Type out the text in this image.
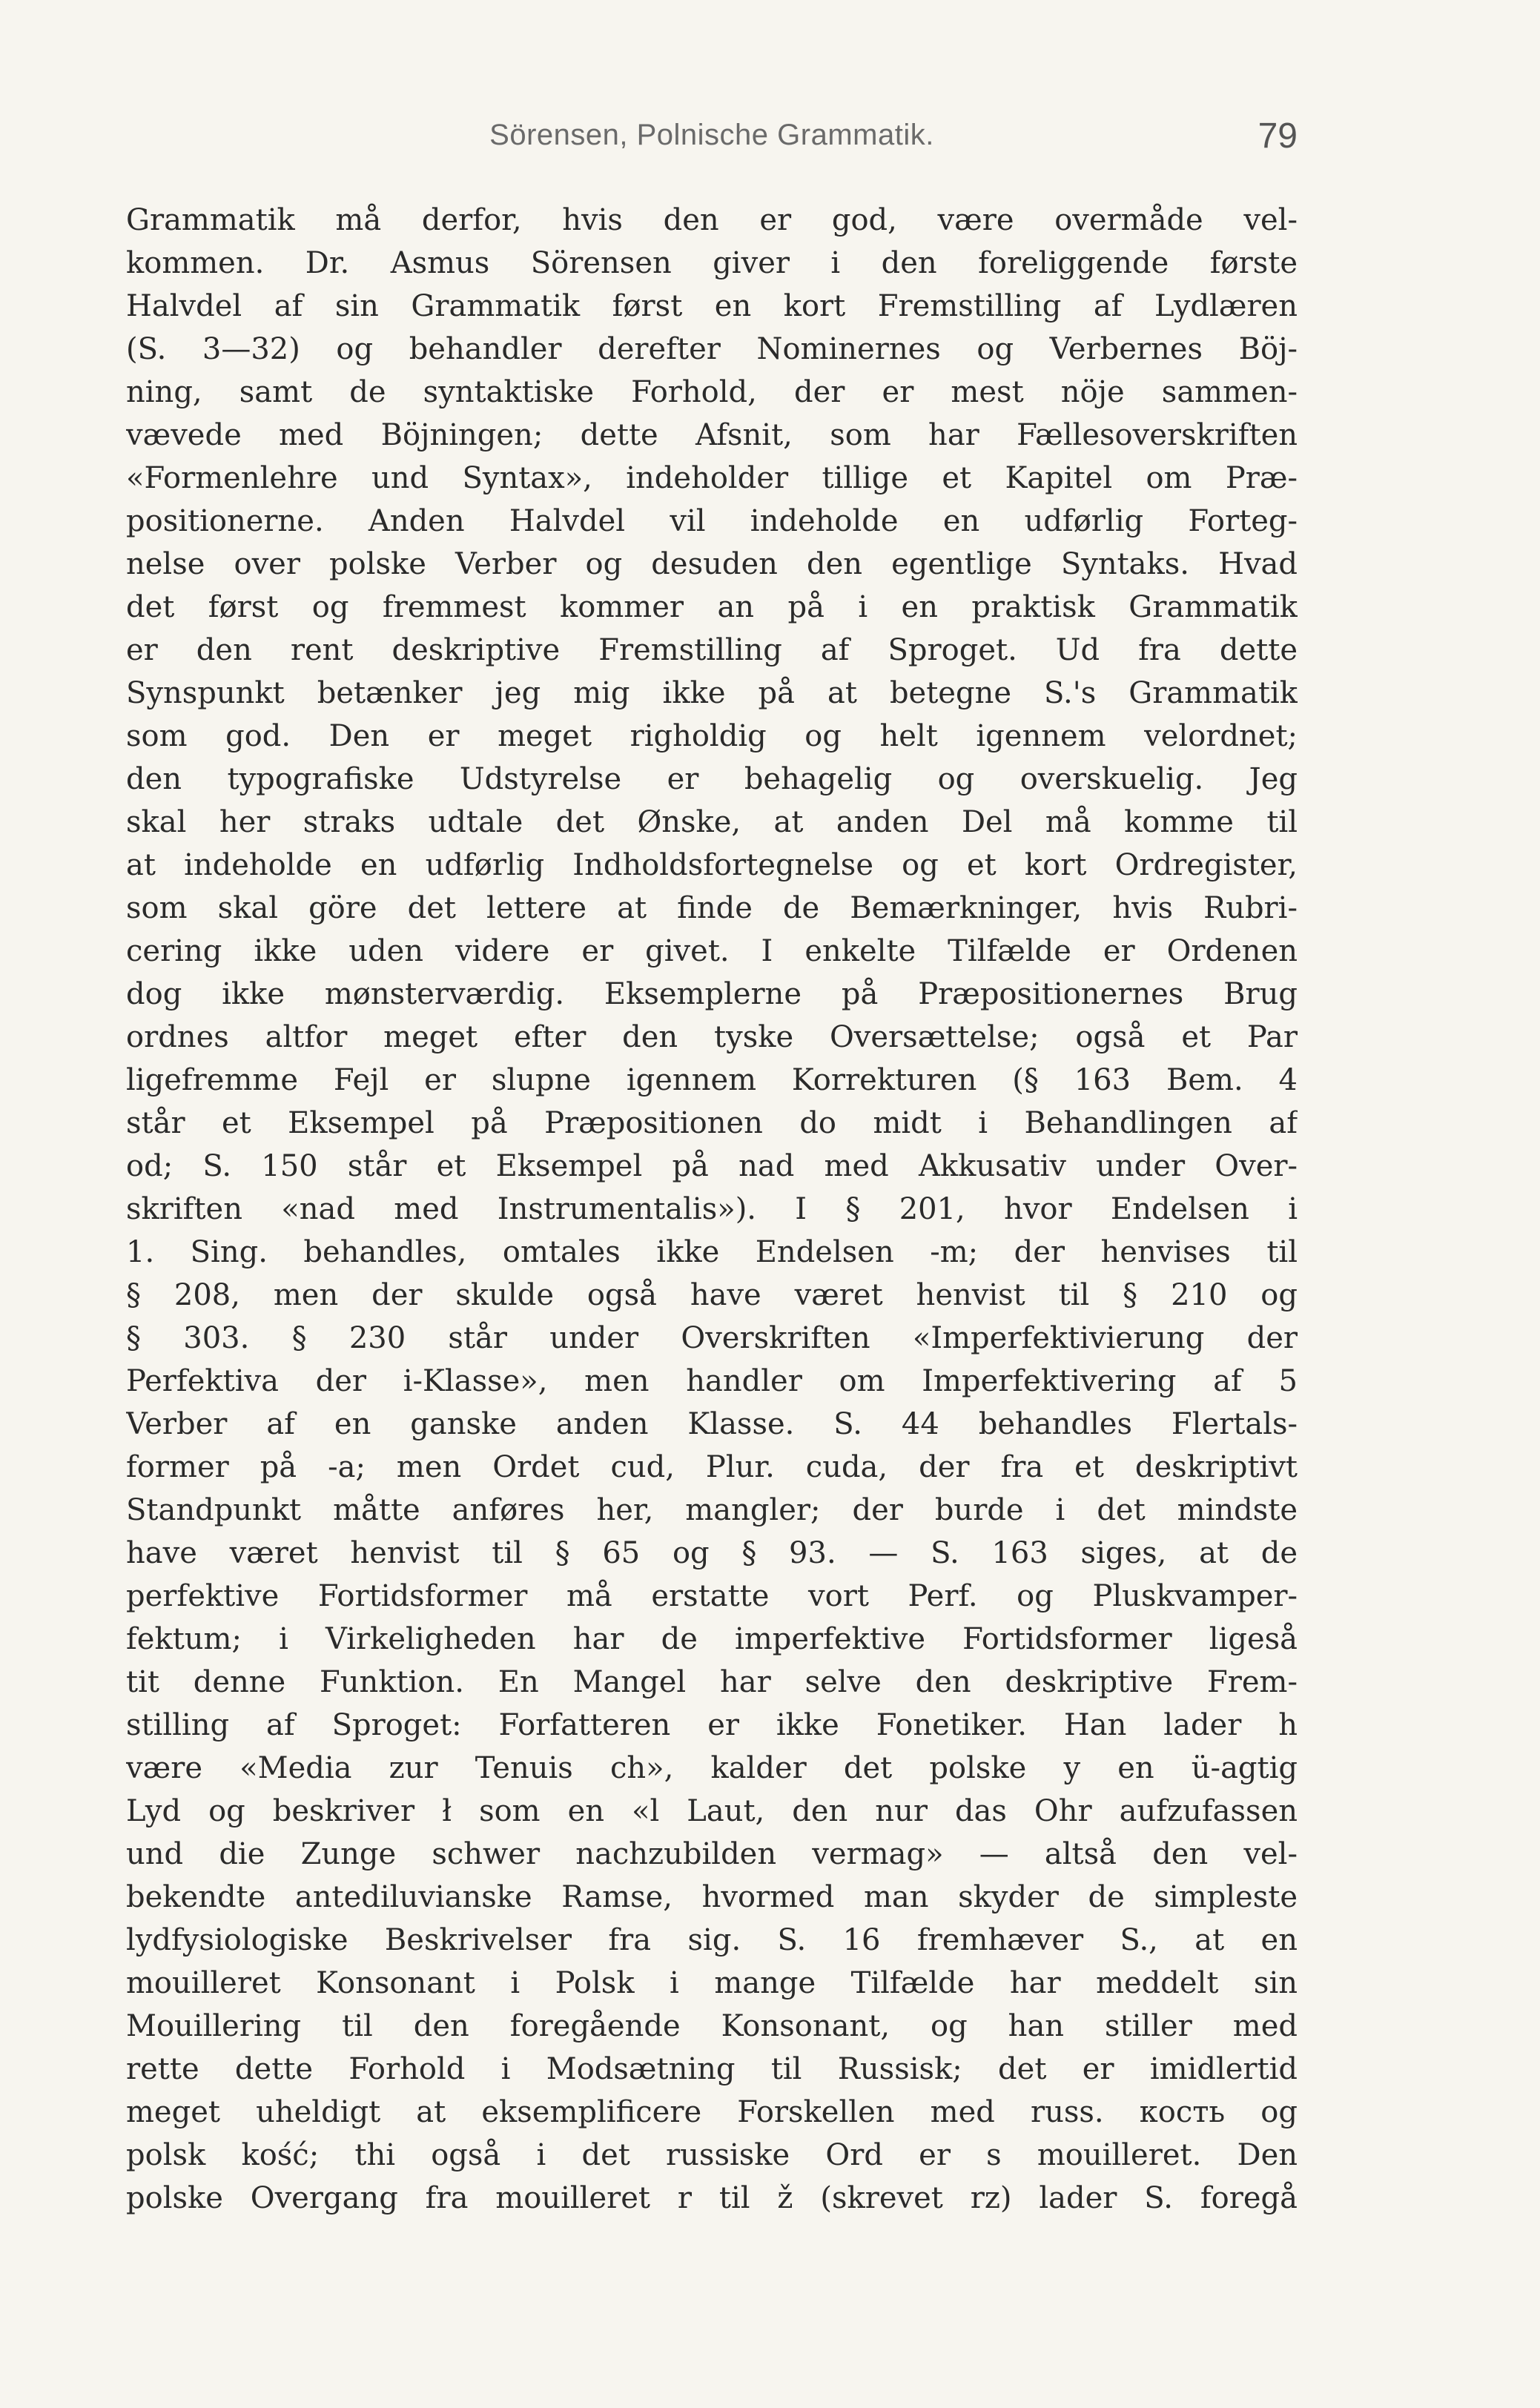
Sörensen, Polnische Grammatik.	79
Grammatik må derfor, hvis den er god, være overmåde vel-
kommen. Dr. Asmus Sörensen giver i den foreliggende første
Halvdel af sin Grammatik først en kort Fremstilling af Lydlæren
(S. 3—32) og behandler derefter Nominernes og Verbernes Böj-
ning, samt de syntaktiske Forhold, der er mest nöje sammen-
vævede med Böjningen; dette Afsnit, som har Fællesoverskriften
«Formenlehre und Syntax», indeholder tillige et Kapitel om Præ-
positionerne. Anden Halvdel vil indeholde en udførlig Forteg-
nelse over polske Verber og desuden den egentlige Syntaks. Hvad
det først og fremmest kommer an på i en praktisk Grammatik
er den rent deskriptive Fremstilling af Sproget. Ud fra dette
Synspunkt betænker jeg mig ikke på at betegne S.'s Grammatik
som god. Den er meget righoldig og helt igennem velordnet;
den typografiske Udstyrelse er behagelig og overskuelig. Jeg
skal her straks udtale det Ønske, at anden Del må komme til
at indeholde en udførlig Indholdsfortegnelse og et kort Ordregister,
som skal göre det lettere at finde de Bemærkninger, hvis Rubri-
cering ikke uden videre er givet. I enkelte Tilfælde er Ordenen
dog ikke mønsterværdig. Eksemplerne på Præpositionernes Brug
ordnes altfor meget efter den tyske Oversættelse; også et Par
ligefremme Fejl er slupne igennem Korrekturen (§ 163 Bem. 4
står et Eksempel på Præpositionen do midt i Behandlingen af
od; S. 150 står et Eksempel på nad med Akkusativ under Over-
skriften «nad med Instrumentalis»). I § 201, hvor Endelsen i
1. Sing. behandles, omtales ikke Endelsen -m; der henvises til
§ 208, men der skulde også have været henvist til § 210 og
§ 303. § 230 står under Overskriften «Imperfektivierung der
Perfektiva der i-Klasse», men handler om Imperfektivering af 5
Verber af en ganske anden Klasse. S. 44 behandles Flertals-
former på -a; men Ordet cud, Plur. cuda, der fra et deskriptivt
Standpunkt måtte anføres her, mangler; der burde i det mindste
have været henvist til § 65 og § 93. — S. 163 siges, at de
perfektive Fortidsformer må erstatte vort Perf. og Pluskvamper-
fektum; i Virkeligheden har de imperfektive Fortidsformer ligeså
tit denne Funktion. En Mangel har selve den deskriptive Frem-
stilling af Sproget: Forfatteren er ikke Fonetiker. Han lader h
være «Media zur Tenuis ch», kalder det polske y en ü-agtig
Lyd og beskriver ł som en «l Laut, den nur das Ohr aufzufassen
und die Zunge schwer nachzubilden vermag» — altså den vel-
bekendte antediluvianske Ramse, hvormed man skyder de simpleste
lydfysiologiske Beskrivelser fra sig. S. 16 fremhæver S., at en
mouilleret Konsonant i Polsk i mange Tilfælde har meddelt sin
Mouillering til den foregående Konsonant, og han stiller med
rette dette Forhold i Modsætning til Russisk; det er imidlertid
meget uheldigt at eksemplificere Forskellen med russ. кость og
polsk kość; thi også i det russiske Ord er s mouilleret. Den
polske Overgang fra mouilleret r til ž (skrevet rz) lader S. foregå
